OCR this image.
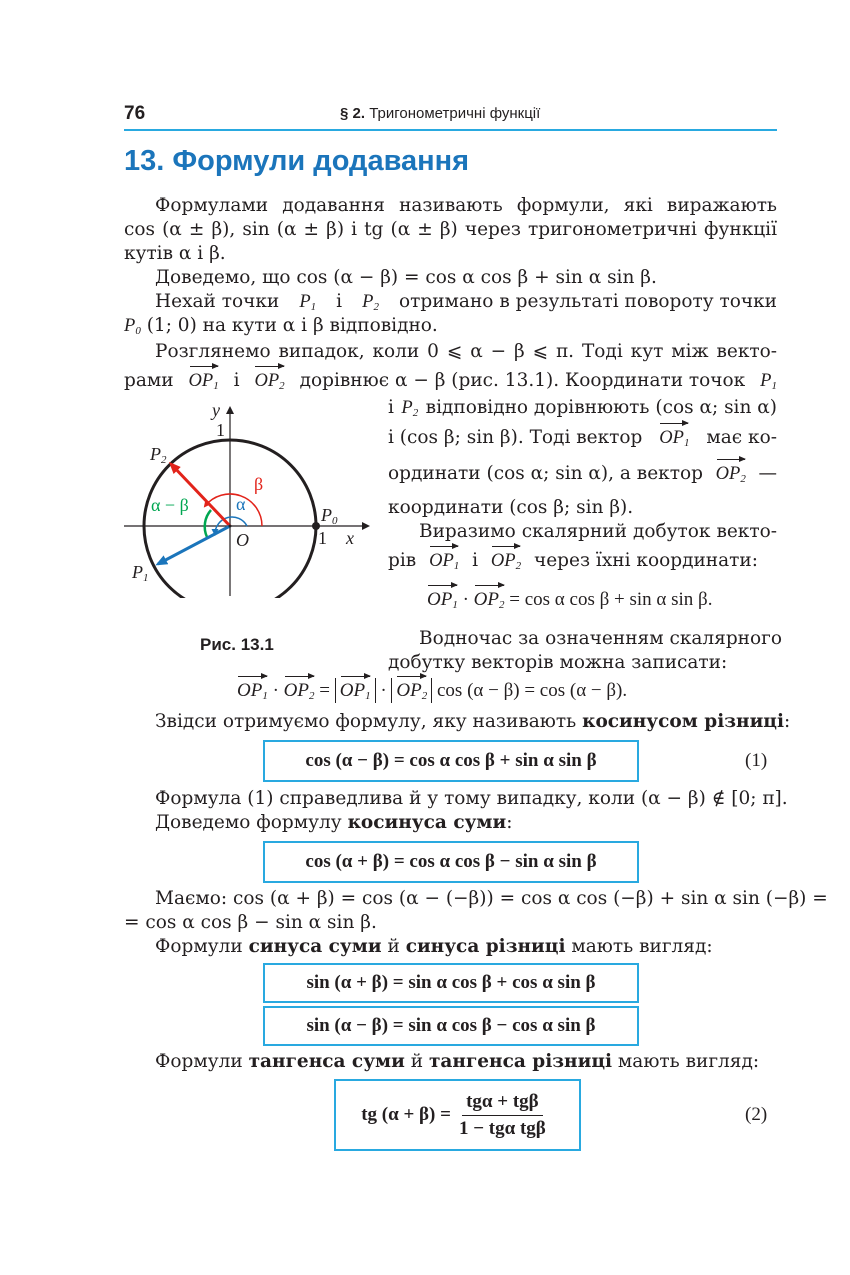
76	§ 2. Тригонометричні функції
13. Формули додавання
Формулами додавання називають формули, які виражають
cos (α ± β), sin (α ± β) і tg (α ± β) через тригонометричні функції
кутів α і β.
Доведемо, що cos (α − β) = cos α cos β + sin α sin β.
Нехай точки $P_1$ і $P_2$ отримано в результаті повороту точки
$P_0$ (1; 0) на кути α і β відповідно.
Розглянемо випадок, коли 0 ⩽ α − β ⩽ π. Тоді кут між векто-
рами $OP_1$ і $OP_2$ дорівнює α − β (рис. 13.1). Координати точок $P_1$
і $P_2$ відповідно дорівнюють (cos α; sin α)
і (cos β; sin β). Тоді вектор $OP_1$ має ко-
ординати (cos α; sin α), а вектор $OP_2$ —
координати (cos β; sin β).
Виразимо скалярний добуток векто-
рів $OP_1$ і $OP_2$ через їхні координати:
$OP_1 \cdot OP_2 = \cos \alpha$ cos β + sin α sin β.
Водночас за означенням скалярного
добутку векторів можна записати:
$OP_1 \cdot OP_2 = OP_1 \cdot OP_2$ cos (α − β) = cos (α − β).
y
1
$P_2$
β
α
α − β	$P_0$
O	1 x
$P_1$
Рис. 13.1
Звідси отримуємо формулу, яку називають косинусом різниці:
cos (α − β)
= cos α cos β + sin α sin β	(1)
Формула (1) справедлива й у тому випадку, коли (α − β) ∉ [0; π].
Доведемо формулу косинуса суми:
cos (α + β)
= cos α cos β − sin α sin β
Маємо: cos (α + β) = cos (α − (−β)) = cos α cos (−β) + sin α sin (−β) =
= cos α cos β − sin α sin β.
Формули синуса суми й синуса різниці мають вигляд:
sin (α + β)
= sin α cos β + cos α sin β
sin (α − β)
= sin α cos β − cos α sin β
Формули тангенса суми й тангенса різниці мають вигляд:
tg $(\alpha + \beta) = \frac{\text{tgα + tgβ}}{\text{1 − tgα tgβ}}$	(2)
